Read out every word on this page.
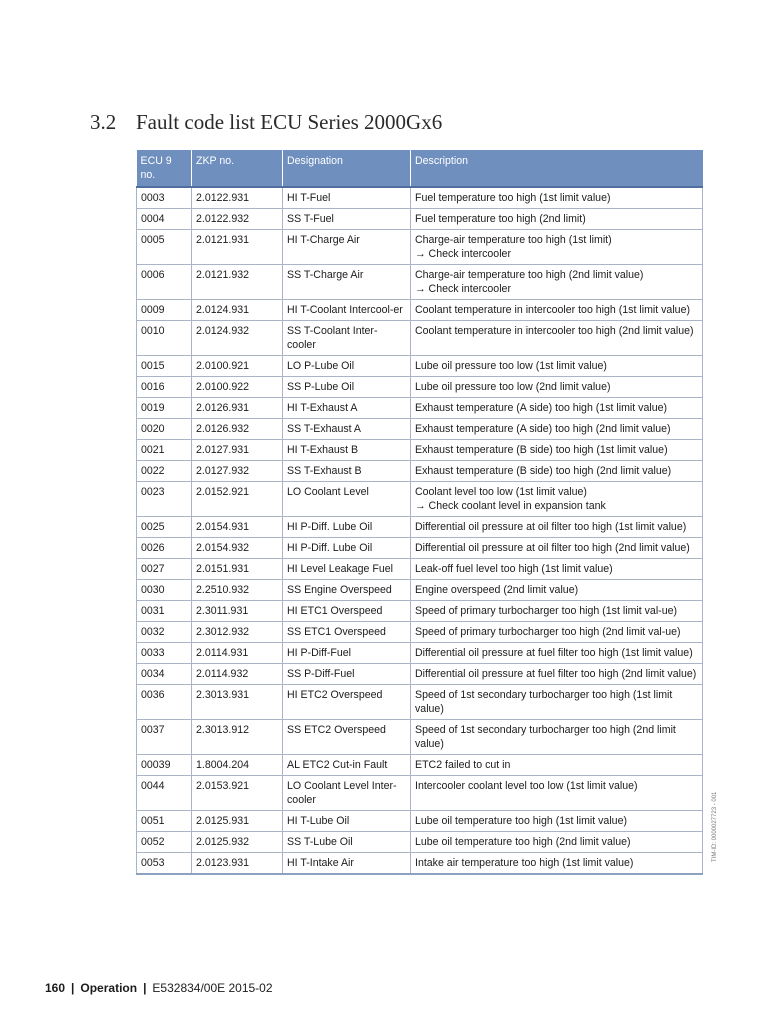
3.2 Fault code list ECU Series 2000Gx6
ECU 9 no.	ZKP no.	Designation	Description
0003	2.0122.931	HI T-Fuel	Fuel temperature too high (1st limit value)
0004	2.0122.932	SS T-Fuel	Fuel temperature too high (2nd limit)
0005	2.0121.931	HI T-Charge Air	Charge-air temperature too high (1st limit)
→ Check intercooler
0006	2.0121.932	SS T-Charge Air	Charge-air temperature too high (2nd limit value)
→ Check intercooler
0009	2.0124.931	HI T-Coolant Intercool-er	Coolant temperature in intercooler too high (1st limit value)
0010	2.0124.932	SS T-Coolant Inter-cooler	Coolant temperature in intercooler too high (2nd limit value)
0015	2.0100.921	LO P-Lube Oil	Lube oil pressure too low (1st limit value)
0016	2.0100.922	SS P-Lube Oil	Lube oil pressure too low (2nd limit value)
0019	2.0126.931	HI T-Exhaust A	Exhaust temperature (A side) too high (1st limit value)
0020	2.0126.932	SS T-Exhaust A	Exhaust temperature (A side) too high (2nd limit value)
0021	2.0127.931	HI T-Exhaust B	Exhaust temperature (B side) too high (1st limit value)
0022	2.0127.932	SS T-Exhaust B	Exhaust temperature (B side) too high (2nd limit value)
0023	2.0152.921	LO Coolant Level	Coolant level too low (1st limit value)
→ Check coolant level in expansion tank
0025	2.0154.931	HI P-Diff. Lube Oil	Differential oil pressure at oil filter too high (1st limit value)
0026	2.0154.932	HI P-Diff. Lube Oil	Differential oil pressure at oil filter too high (2nd limit value)
0027	2.0151.931	HI Level Leakage Fuel	Leak-off fuel level too high (1st limit value)
0030	2.2510.932	SS Engine Overspeed	Engine overspeed (2nd limit value)
0031	2.3011.931	HI ETC1 Overspeed	Speed of primary turbocharger too high (1st limit val-ue)
0032	2.3012.932	SS ETC1 Overspeed	Speed of primary turbocharger too high (2nd limit val-ue)
0033	2.0114.931	HI P-Diff-Fuel	Differential oil pressure at fuel filter too high (1st limit value)
0034	2.0114.932	SS P-Diff-Fuel	Differential oil pressure at fuel filter too high (2nd limit value)
0036	2.3013.931	HI ETC2 Overspeed	Speed of 1st secondary turbocharger too high (1st limit value)
0037	2.3013.912	SS ETC2 Overspeed	Speed of 1st secondary turbocharger too high (2nd limit value)
00039	1.8004.204	AL ETC2 Cut-in Fault	ETC2 failed to cut in
0044	2.0153.921	LO Coolant Level Inter-cooler	Intercooler coolant level too low (1st limit value)
0051	2.0125.931	HI T-Lube Oil	Lube oil temperature too high (1st limit value)
0052	2.0125.932	SS T-Lube Oil	Lube oil temperature too high (2nd limit value)
0053	2.0123.931	HI T-Intake Air	Intake air temperature too high (1st limit value)
TIM-ID: 0000027723 - 001
160 | Operation | E532834/00E 2015-02
